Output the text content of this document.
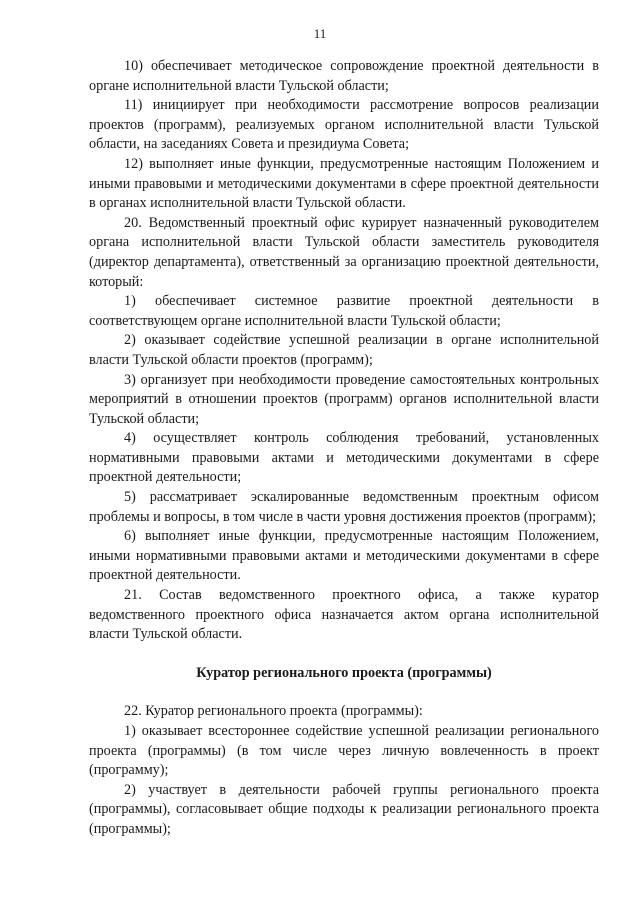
11

10) обеспечивает методическое сопровождение проектной деятельности в органе исполнительной власти Тульской области;

11) инициирует при необходимости рассмотрение вопросов реализации проектов (программ), реализуемых органом исполнительной власти Тульской области, на заседаниях Совета и президиума Совета;

12) выполняет иные функции, предусмотренные настоящим Положением и иными правовыми и методическими документами в сфере проектной деятельности в органах исполнительной власти Тульской области.

20. Ведомственный проектный офис курирует назначенный руководителем органа исполнительной власти Тульской области заместитель руководителя (директор департамента), ответственный за организацию проектной деятельности, который:

1) обеспечивает системное развитие проектной деятельности в соответствующем органе исполнительной власти Тульской области;

2) оказывает содействие успешной реализации в органе исполнительной власти Тульской области проектов (программ);

3) организует при необходимости проведение самостоятельных контрольных мероприятий в отношении проектов (программ) органов исполнительной власти Тульской области;

4) осуществляет контроль соблюдения требований, установленных нормативными правовыми актами и методическими документами в сфере проектной деятельности;

5) рассматривает эскалированные ведомственным проектным офисом проблемы и вопросы, в том числе в части уровня достижения проектов (программ);

6) выполняет иные функции, предусмотренные настоящим Положением, иными нормативными правовыми актами и методическими документами в сфере проектной деятельности.

21. Состав ведомственного проектного офиса, а также куратор ведомственного проектного офиса назначается актом органа исполнительной власти Тульской области.

Куратор регионального проекта (программы)

22. Куратор регионального проекта (программы):

1) оказывает всестороннее содействие успешной реализации регионального проекта (программы) (в том числе через личную вовлеченность в проект (программу);

2) участвует в деятельности рабочей группы регионального проекта (программы), согласовывает общие подходы к реализации регионального проекта (программы);
